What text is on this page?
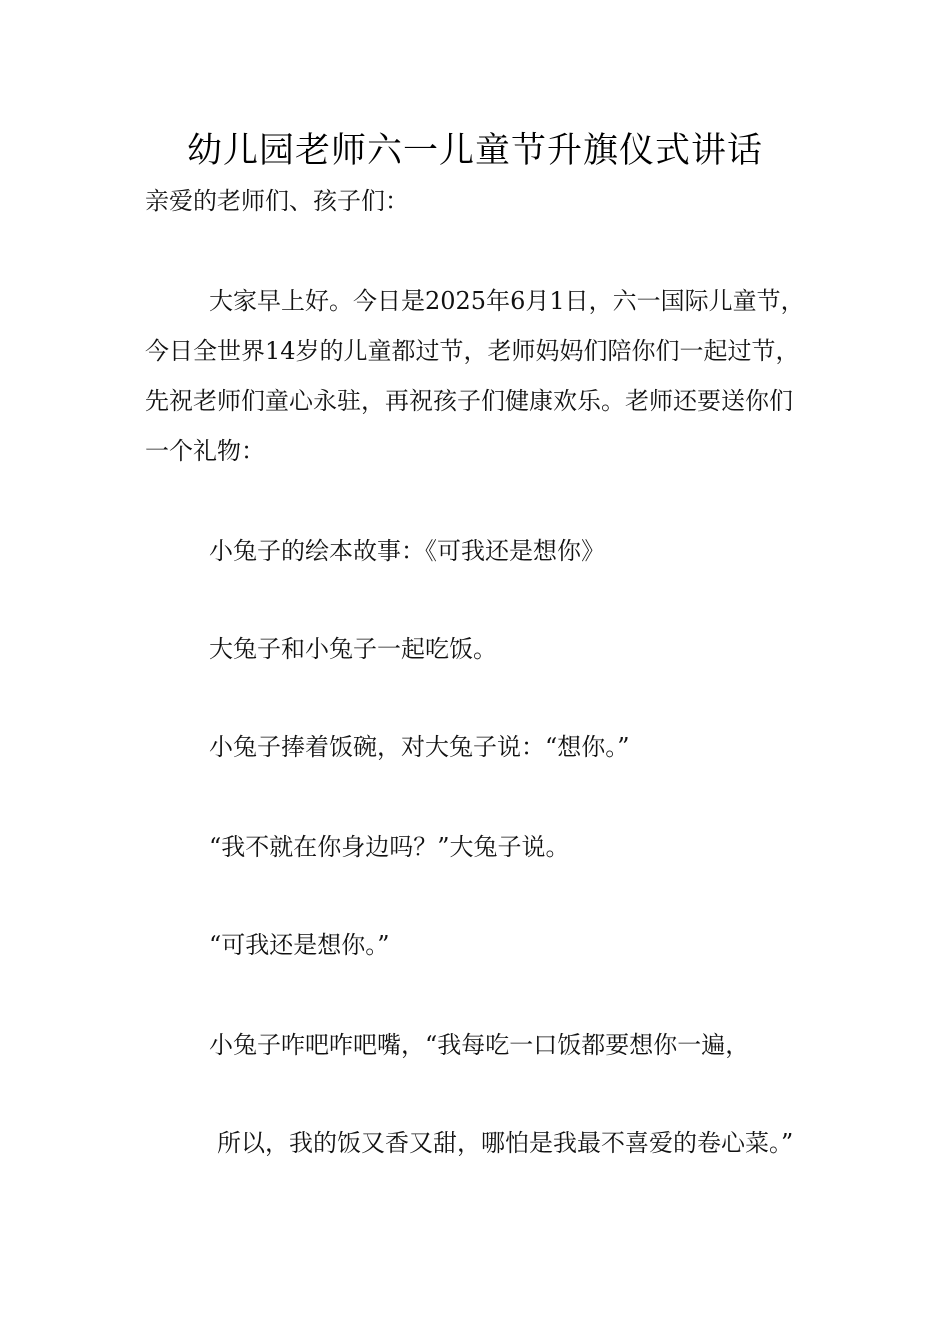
幼儿园老师六一儿童节升旗仪式讲话

亲爱的老师们、孩子们：

大家早上好。今日是2025年6月1日，六一国际儿童节，今日全世界14岁的儿童都过节，老师妈妈们陪你们一起过节，先祝老师们童心永驻，再祝孩子们健康欢乐。老师还要送你们一个礼物：

小兔子的绘本故事：《可我还是想你》

大兔子和小兔子一起吃饭。

小兔子捧着饭碗，对大兔子说：“想你。”

“我不就在你身边吗？”大兔子说。

“可我还是想你。”

小兔子咋吧咋吧嘴，“我每吃一口饭都要想你一遍，

所以，我的饭又香又甜，哪怕是我最不喜爱的卷心菜。”
